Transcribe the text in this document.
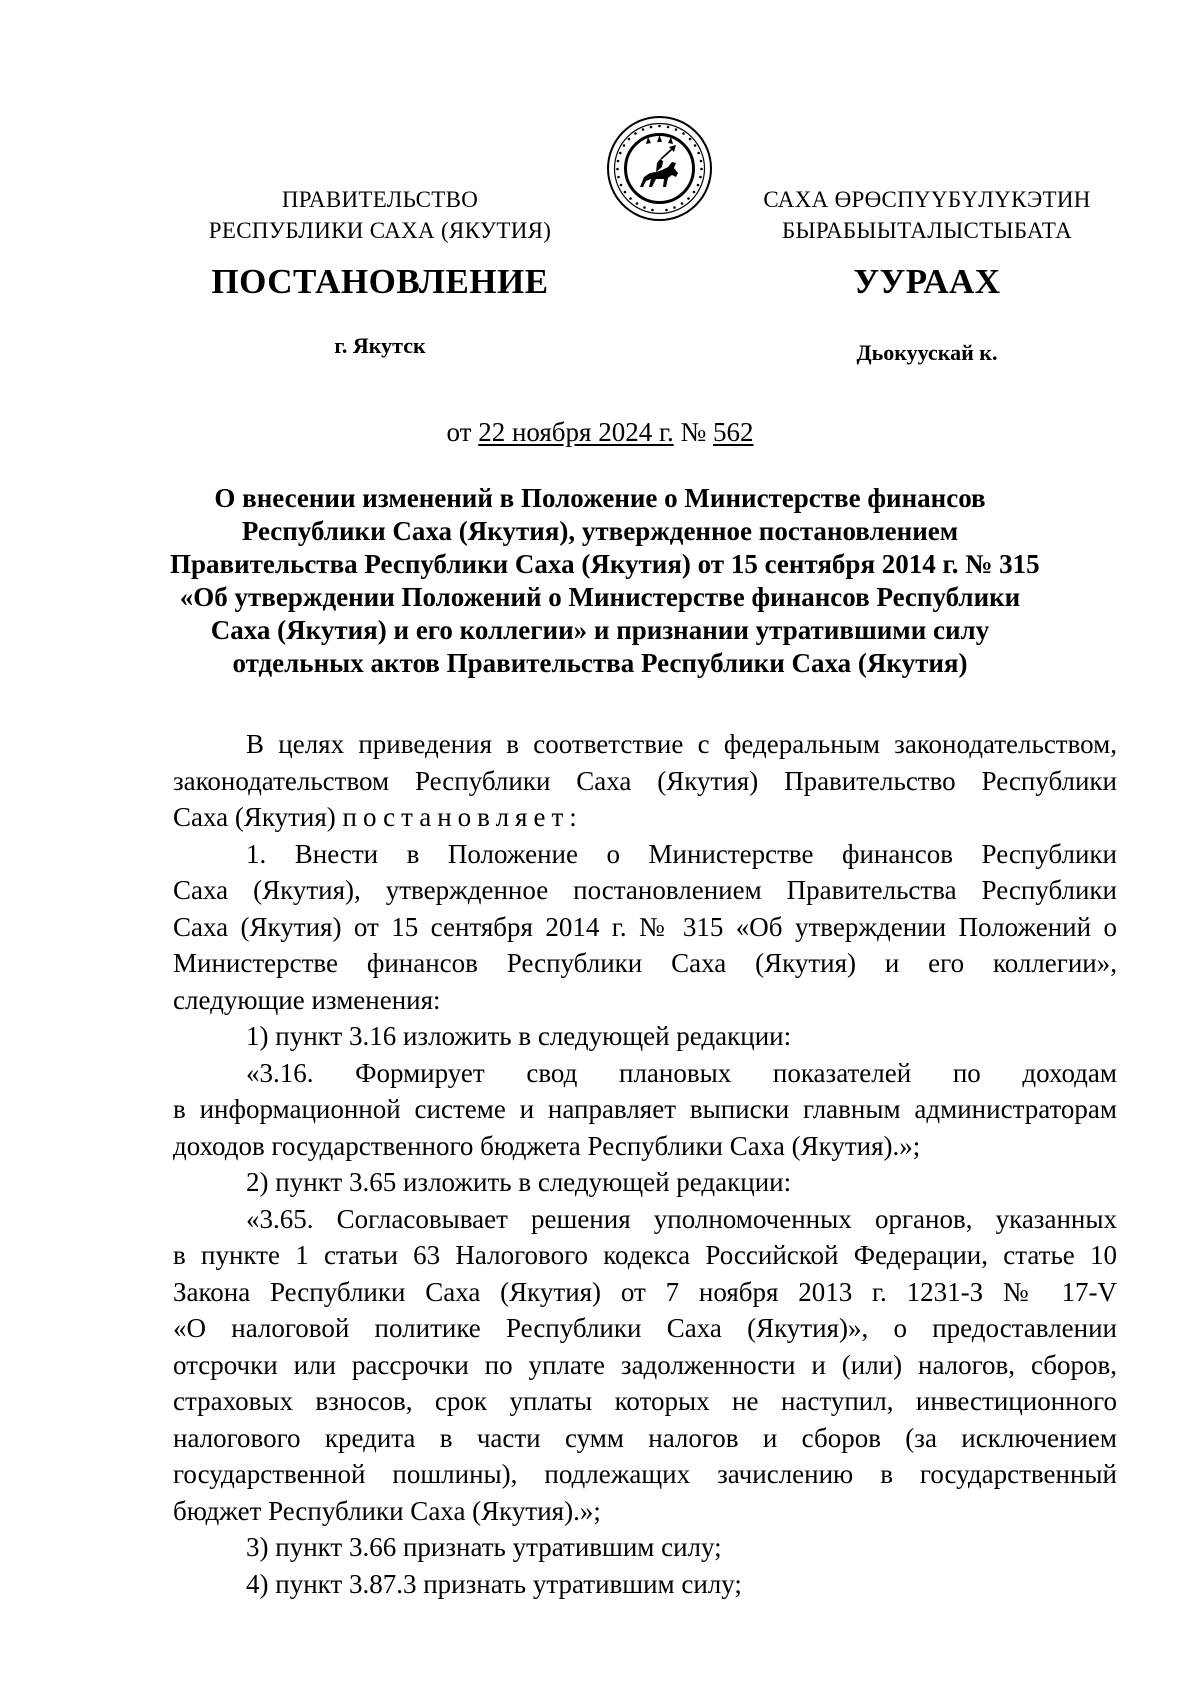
ПРАВИТЕЛЬСТВО
РЕСПУБЛИКИ САХА (ЯКУТИЯ)
САХА ӨРӨСПҮҮБҮЛҮКЭТИН
БЫРАБЫЫТАЛЫСТЫБАТА
ПОСТАНОВЛЕНИЕ	УУРААХ
г. Якутск	Дьокуускай к.
от 22 ноября 2024 г. № 562
О внесении изменений в Положение о Министерстве финансов
Республики Саха (Якутия), утвержденное постановлением
Правительства Республики Саха (Якутия) от 15 сентября 2014 г. № 315
«Об утверждении Положений о Министерстве финансов Республики
Саха (Якутия) и его коллегии» и признании утратившими силу
отдельных актов Правительства Республики Саха (Якутия)
В целях приведения в соответствие с федеральным законодательством,
законодательством Республики Саха (Якутия) Правительство Республики
Саха (Якутия) постановляет:
1. Внести в Положение о Министерстве финансов Республики
Саха (Якутия), утвержденное постановлением Правительства Республики
Саха (Якутия) от 15 сентября 2014 г. № 315 «Об утверждении Положений о
Министерстве финансов Республики Саха (Якутия) и его коллегии»,
следующие изменения:
1) пункт 3.16 изложить в следующей редакции:
«3.16. Формирует свод плановых показателей по доходам
в информационной системе и направляет выписки главным администраторам
доходов государственного бюджета Республики Саха (Якутия).»;
2) пункт 3.65 изложить в следующей редакции:
«3.65. Согласовывает решения уполномоченных органов, указанных
в пункте 1 статьи 63 Налогового кодекса Российской Федерации, статье 10
Закона Республики Саха (Якутия) от 7 ноября 2013 г. 1231-З № 17-V
«О налоговой политике Республики Саха (Якутия)», о предоставлении
отсрочки или рассрочки по уплате задолженности и (или) налогов, сборов,
страховых взносов, срок уплаты которых не наступил, инвестиционного
налогового кредита в части сумм налогов и сборов (за исключением
государственной пошлины), подлежащих зачислению в государственный
бюджет Республики Саха (Якутия).»;
3) пункт 3.66 признать утратившим силу;
4) пункт 3.87.3 признать утратившим силу;
